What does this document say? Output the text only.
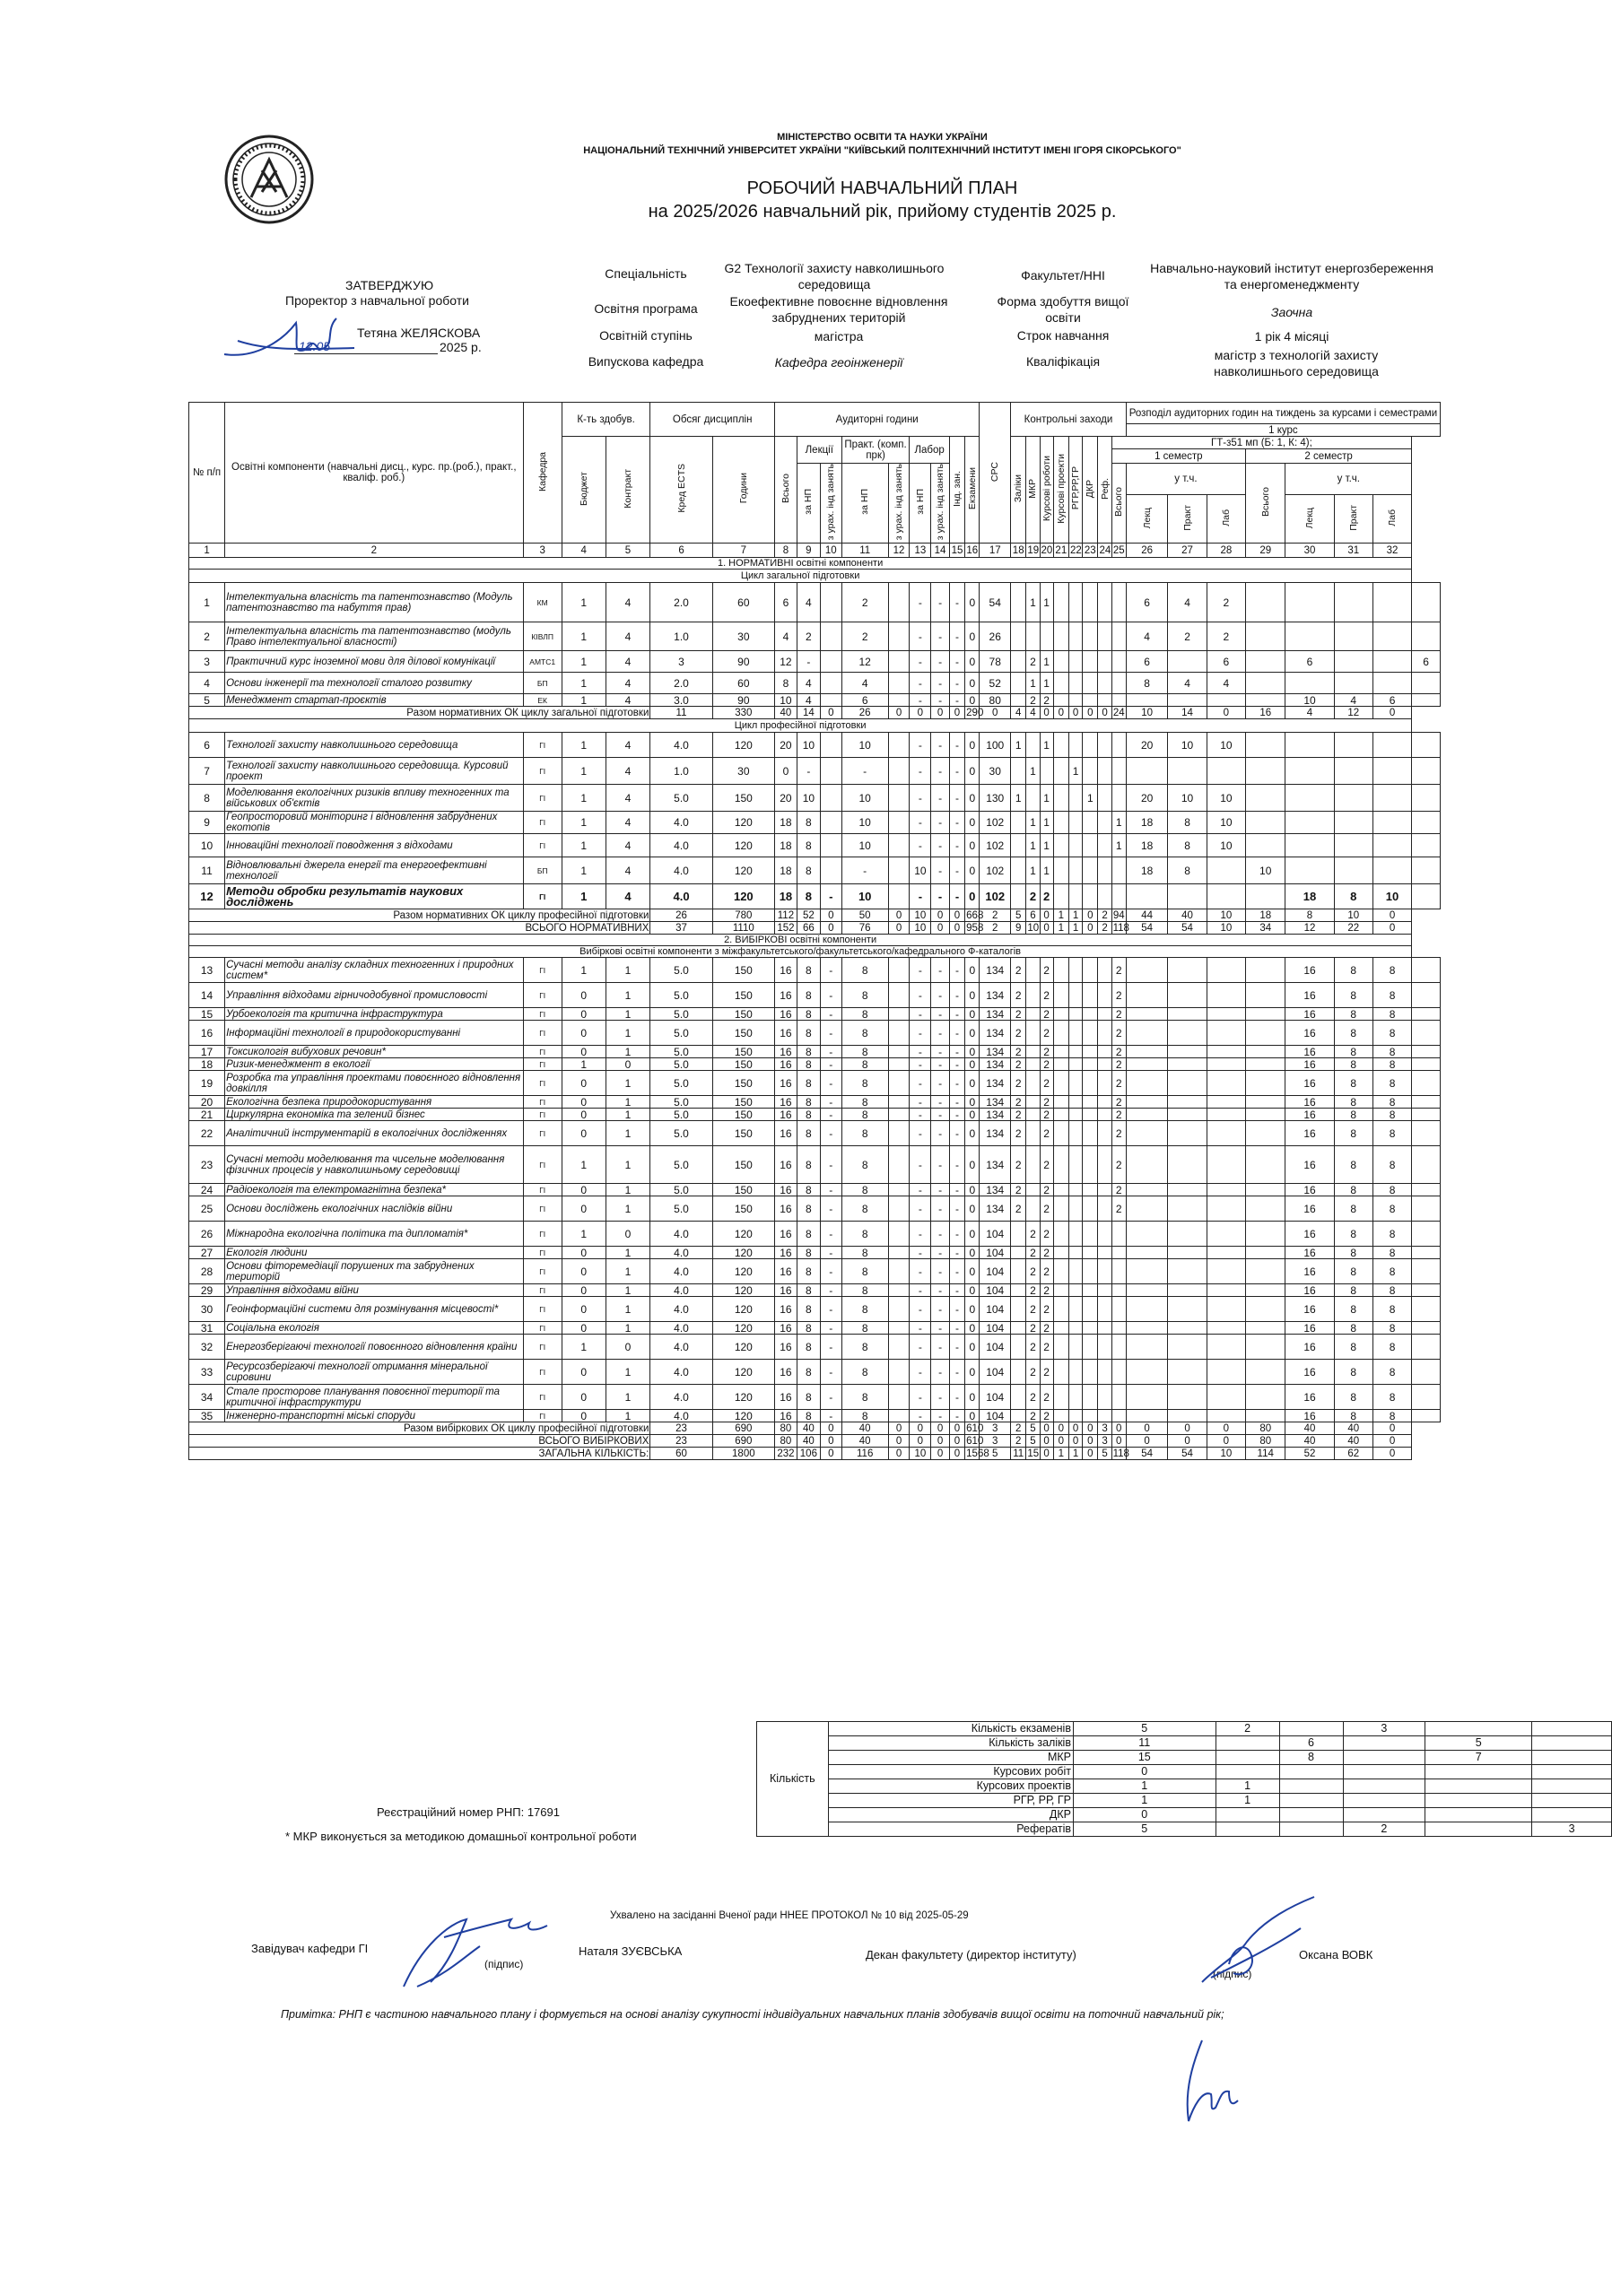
МІНІСТЕРСТВО ОСВІТИ ТА НАУКИ УКРАЇНИ
НАЦІОНАЛЬНИЙ ТЕХНІЧНИЙ УНІВЕРСИТЕТ УКРАЇНИ "КИЇВСЬКИЙ ПОЛІТЕХНІЧНИЙ ІНСТИТУТ ІМЕНІ ІГОРЯ СІКОРСЬКОГО"
РОБОЧИЙ НАВЧАЛЬНИЙ ПЛАН
на 2025/2026 навчальний рік, прийому студентів 2025 р.
ЗАТВЕРДЖУЮ
Проректор з навчальної роботи
Тетяна ЖЕЛЯСКОВА
2025 р.
12.05
Спеціальність	G2 Технології захисту навколишнього середовища
Освітня програма	Екоефективне повоєнне відновлення забруднених територій
Освітній ступінь	магістра
Випускова кафедра	Кафедра геоінженерії
Факультет/ННІ	Навчально-науковий інститут енергозбереження та енергоменеджменту
Форма здобуття вищої освіти	Заочна
Строк навчання	1 рік 4 місяці
Кваліфікація	магістр з технологій захисту навколишнього середовища
№ п/п	Освітні компоненти (навчальні дисц., курс. пр.(роб.), практ., кваліф. роб.)	Кафедра	К-ть здобув.		Обсяг дисциплін		Аудиторні години									СРС	Контрольні заходи								Розподіл аудиторних годин на тиждень за курсами і семестрами							
																									1 курс							
			Бюджет	Контракт	Кред ECTS	Години	Всього	Лекції		Практ. (комп. прк)		Лабор		Інд. зан.	Екзамени		Заліки	МКР	Курсові роботи	Курсові проекти	РГР,РР,ГР	ДКР	Реф.	ГТ-з51 мп (Б: 1, К: 4);								
																								1 семестр				2 семестр				
								за НП	з урах. інд занять	за НП	з урах. інд занять	за НП	з урах. інд занять											Всього	у т.ч.			Всього	у т.ч.			
																									Лекц	Практ	Лаб		Лекц	Практ	Лаб	
1	2	3	4	5	6	7	8	9	10	11	12	13	14	15	16	17	18	19	20	21	22	23	24	25	26	27	28	29	30	31	32	
1. НОРМАТИВНІ освітні компоненти																																
Цикл загальної підготовки																																
1	Інтелектуальна власність та патентознавство (Модуль патентознавство та набуття прав)	КМ	1	4	2.0	60	6	4		2		-	-	-	0	54		1	1						6	4	2					
2	Інтелектуальна власність та патентознавство (модуль Право інтелектуальної власності)	КІВЛП	1	4	1.0	30	4	2		2		-	-	-	0	26									4	2	2					
3	Практичний курс іноземної мови для ділової комунікації	АМТС1	1	4	3	90	12	-		12		-	-	-	0	78		2	1						6		6		6			6
4	Основи інженерії та технології сталого розвитку	БП	1	4	2.0	60	8	4		4		-	-	-	0	52		1	1						8	4	4					
5	Менеджмент стартап-проєктів	ЕК	1	4	3.0	90	10	4		6		-	-	-	0	80		2	2										10	4	6	
Разом нормативних ОК циклу загальної підготовки					11	330	40	14	0	26	0	0	0	0	290	0	4	4	0	0	0	0	0	24	10	14	0	16	4	12	0	
Цикл професійної підготовки																																
6	Технології захисту навколишнього середовища	ГІ	1	4	4.0	120	20	10		10		-	-	-	0	100	1		1						20	10	10					
7	Технології захисту навколишнього середовища. Курсовий проект	ГІ	1	4	1.0	30	0	-		-		-	-	-	0	30		1			1											
8	Моделювання екологічних ризиків впливу техногенних та військових об'єктів	ГІ	1	4	5.0	150	20	10		10		-	-	-	0	130	1		1			1			20	10	10					
9	Геопросторовий моніторинг і відновлення забруднених екотопів	ГІ	1	4	4.0	120	18	8		10		-	-	-	0	102		1	1					1	18	8	10					
10	Інноваційні технології поводження з відходами	ГІ	1	4	4.0	120	18	8		10		-	-	-	0	102		1	1					1	18	8	10					
11	Відновлювальні джерела енергії та енергоефективні технології	БП	1	4	4.0	120	18	8		-		10	-	-	0	102		1	1						18	8		10				
12	Методи обробки результатів наукових досліджень	ГІ	1	4	4.0	120	18	8	-	10		-	-	-	0	102		2	2										18	8	10	
Разом нормативних ОК циклу професійної підготовки					26	780	112	52	0	50	0	10	0	0	668	2	5	6	0	1	1	0	2	94	44	40	10	18	8	10	0	
ВСЬОГО НОРМАТИВНИХ					37	1110	152	66	0	76	0	10	0	0	958	2	9	10	0	1	1	0	2	118	54	54	10	34	12	22	0	
2. ВИБІРКОВІ освітні компоненти																																
Вибіркові освітні компоненти з міжфакультетського/факультетського/кафедрального Ф-каталогів																																
13	Сучасні методи аналізу складних техногенних і природних систем*	ГІ	1	1	5.0	150	16	8	-	8		-	-	-	0	134	2		2					2					16	8	8	
14	Управління відходами гірничодобувної промисловості	ГІ	0	1	5.0	150	16	8	-	8		-	-	-	0	134	2		2					2					16	8	8	
15	Урбоекологія та критична інфраструктура	ГІ	0	1	5.0	150	16	8	-	8		-	-	-	0	134	2		2					2					16	8	8	
16	Інформаційні технології в природокористуванні	ГІ	0	1	5.0	150	16	8	-	8		-	-	-	0	134	2		2					2					16	8	8	
17	Токсикологія вибухових речовин*	ГІ	0	1	5.0	150	16	8	-	8		-	-	-	0	134	2		2					2					16	8	8	
18	Ризик-менеджмент в екології	ГІ	1	0	5.0	150	16	8	-	8		-	-	-	0	134	2		2					2					16	8	8	
19	Розробка та управління проектами повоєнного відновлення довкілля	ГІ	0	1	5.0	150	16	8	-	8		-	-	-	0	134	2		2					2					16	8	8	
20	Екологічна безпека природокористування	ГІ	0	1	5.0	150	16	8	-	8		-	-	-	0	134	2		2					2					16	8	8	
21	Циркулярна економіка та зелений бізнес	ГІ	0	1	5.0	150	16	8	-	8		-	-	-	0	134	2		2					2					16	8	8	
22	Аналітичний інструментарій в екологічних дослідженнях	ГІ	0	1	5.0	150	16	8	-	8		-	-	-	0	134	2		2					2					16	8	8	
23	Сучасні методи моделювання та чисельне моделювання фізичних процесів у навколишньому середовищі	ГІ	1	1	5.0	150	16	8	-	8		-	-	-	0	134	2		2					2					16	8	8	
24	Радіоекологія та електромагнітна безпека*	ГІ	0	1	5.0	150	16	8	-	8		-	-	-	0	134	2		2					2					16	8	8	
25	Основи досліджень екологічних наслідків війни	ГІ	0	1	5.0	150	16	8	-	8		-	-	-	0	134	2		2					2					16	8	8	
26	Міжнародна екологічна політика та дипломатія*	ГІ	1	0	4.0	120	16	8	-	8		-	-	-	0	104		2	2										16	8	8	
27	Екологія людини	ГІ	0	1	4.0	120	16	8	-	8		-	-	-	0	104		2	2										16	8	8	
28	Основи фіторемедіації порушених та забруднених територій	ГІ	0	1	4.0	120	16	8	-	8		-	-	-	0	104		2	2										16	8	8	
29	Управління відходами війни	ГІ	0	1	4.0	120	16	8	-	8		-	-	-	0	104		2	2										16	8	8	
30	Геоінформаційні системи для розмінування місцевості*	ГІ	0	1	4.0	120	16	8	-	8		-	-	-	0	104		2	2										16	8	8	
31	Соціальна екологія	ГІ	0	1	4.0	120	16	8	-	8		-	-	-	0	104		2	2										16	8	8	
32	Енергозберігаючі технології повоєнного відновлення країни	ГІ	1	0	4.0	120	16	8	-	8		-	-	-	0	104		2	2										16	8	8	
33	Ресурсозберігаючі технології отримання мінеральної сировини	ГІ	0	1	4.0	120	16	8	-	8		-	-	-	0	104		2	2										16	8	8	
34	Сталe просторове планування повоєнної території та критичної інфраструктури	ГІ	0	1	4.0	120	16	8	-	8		-	-	-	0	104		2	2										16	8	8	
35	Інженерно-транспортні міські споруди	ГІ	0	1	4.0	120	16	8	-	8		-	-	-	0	104		2	2										16	8	8	
Разом вибіркових ОК циклу професійної підготовки					23	690	80	40	0	40	0	0	0	0	610	3	2	5	0	0	0	0	3	0	0	0	0	80	40	40	0	
ВСЬОГО ВИБІРКОВИХ					23	690	80	40	0	40	0	0	0	0	610	3	2	5	0	0	0	0	3	0	0	0	0	80	40	40	0	
ЗАГАЛЬНА КІЛЬКІСТЬ:					60	1800	232	106	0	116	0	10	0	0	1568	5	11	15	0	1	1	0	5	118	54	54	10	114	52	62	0	
Кількість	Кількість екзаменів	5	2		3		
	Кількість заліків	11		6		5	
	МКР	15		8		7	
	Курсових робіт	0					
	Курсових проектів	1	1				
	РГР, РР, ГР	1	1				
	ДКР	0					
	Рефератів	5			2		3
Реєстраційний номер РНП: 17691
* МКР виконується за методикою домашньої контрольної роботи
Ухвалено на засіданні Вченої ради ННЕЕ ПРОТОКОЛ № 10 від 2025-05-29
Завідувач кафедри ГІ
(підпис)
Наталя ЗУЄВСЬКА	Декан факультету (директор інституту)
(підпис)
Оксана ВОВК
Примітка: РНП є частиною навчального плану і формується на основі аналізу сукупності індивідуальних навчальних планів здобувачів вищої освіти на поточний навчальний рік;
